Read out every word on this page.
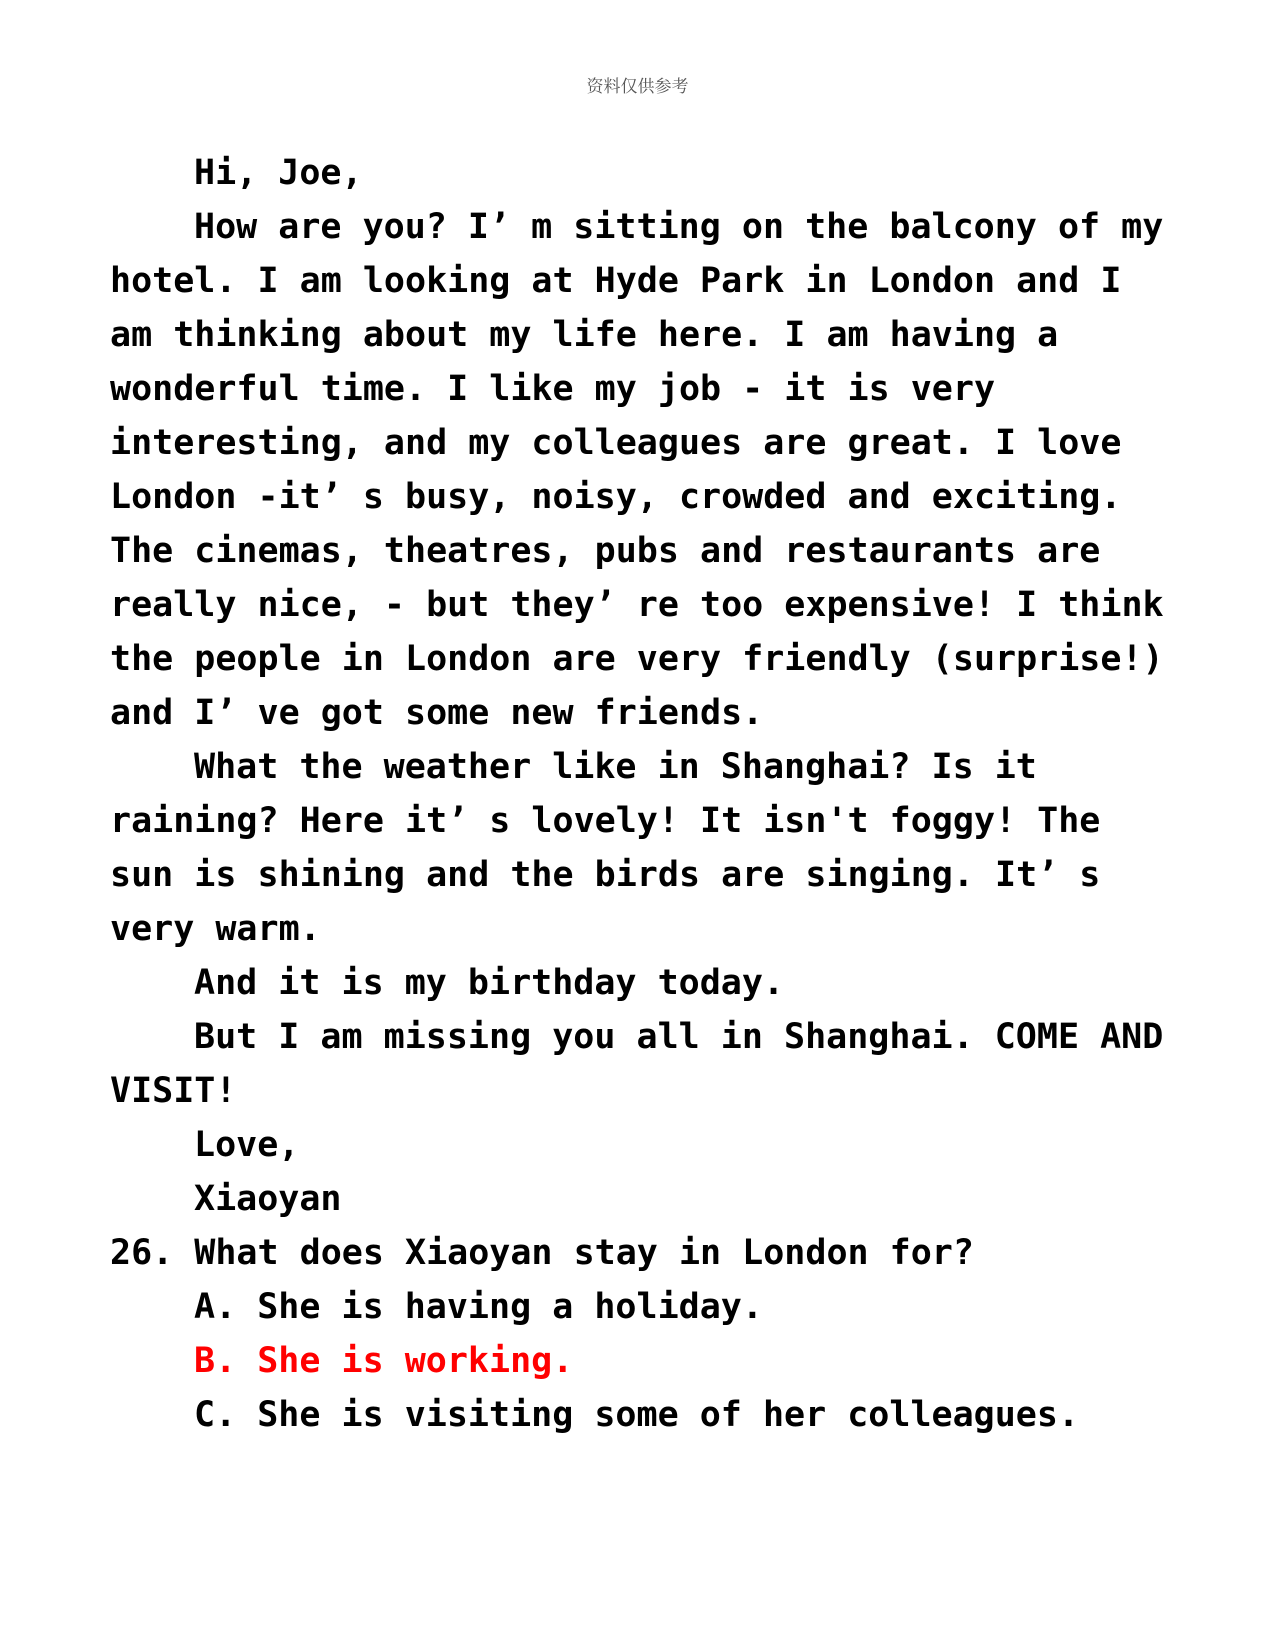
资料仅供参考
Hi, Joe,
How are you? I’ m sitting on the balcony of my
hotel. I am looking at Hyde Park in London and I
am thinking about my life here. I am having a
wonderful time. I like my job - it is very
interesting, and my colleagues are great. I love
London -it’ s busy, noisy, crowded and exciting.
The cinemas, theatres, pubs and restaurants are
really nice, - but they’ re too expensive! I think
the people in London are very friendly (surprise!)
and I’ ve got some new friends.
What the weather like in Shanghai? Is it
raining? Here it’ s lovely! It isn't foggy! The
sun is shining and the birds are singing. It’ s
very warm.
And it is my birthday today.
But I am missing you all in Shanghai. COME AND
VISIT!
Love,
Xiaoyan
26. What does Xiaoyan stay in London for?
A. She is having a holiday.
B. She is working.
C. She is visiting some of her colleagues.
